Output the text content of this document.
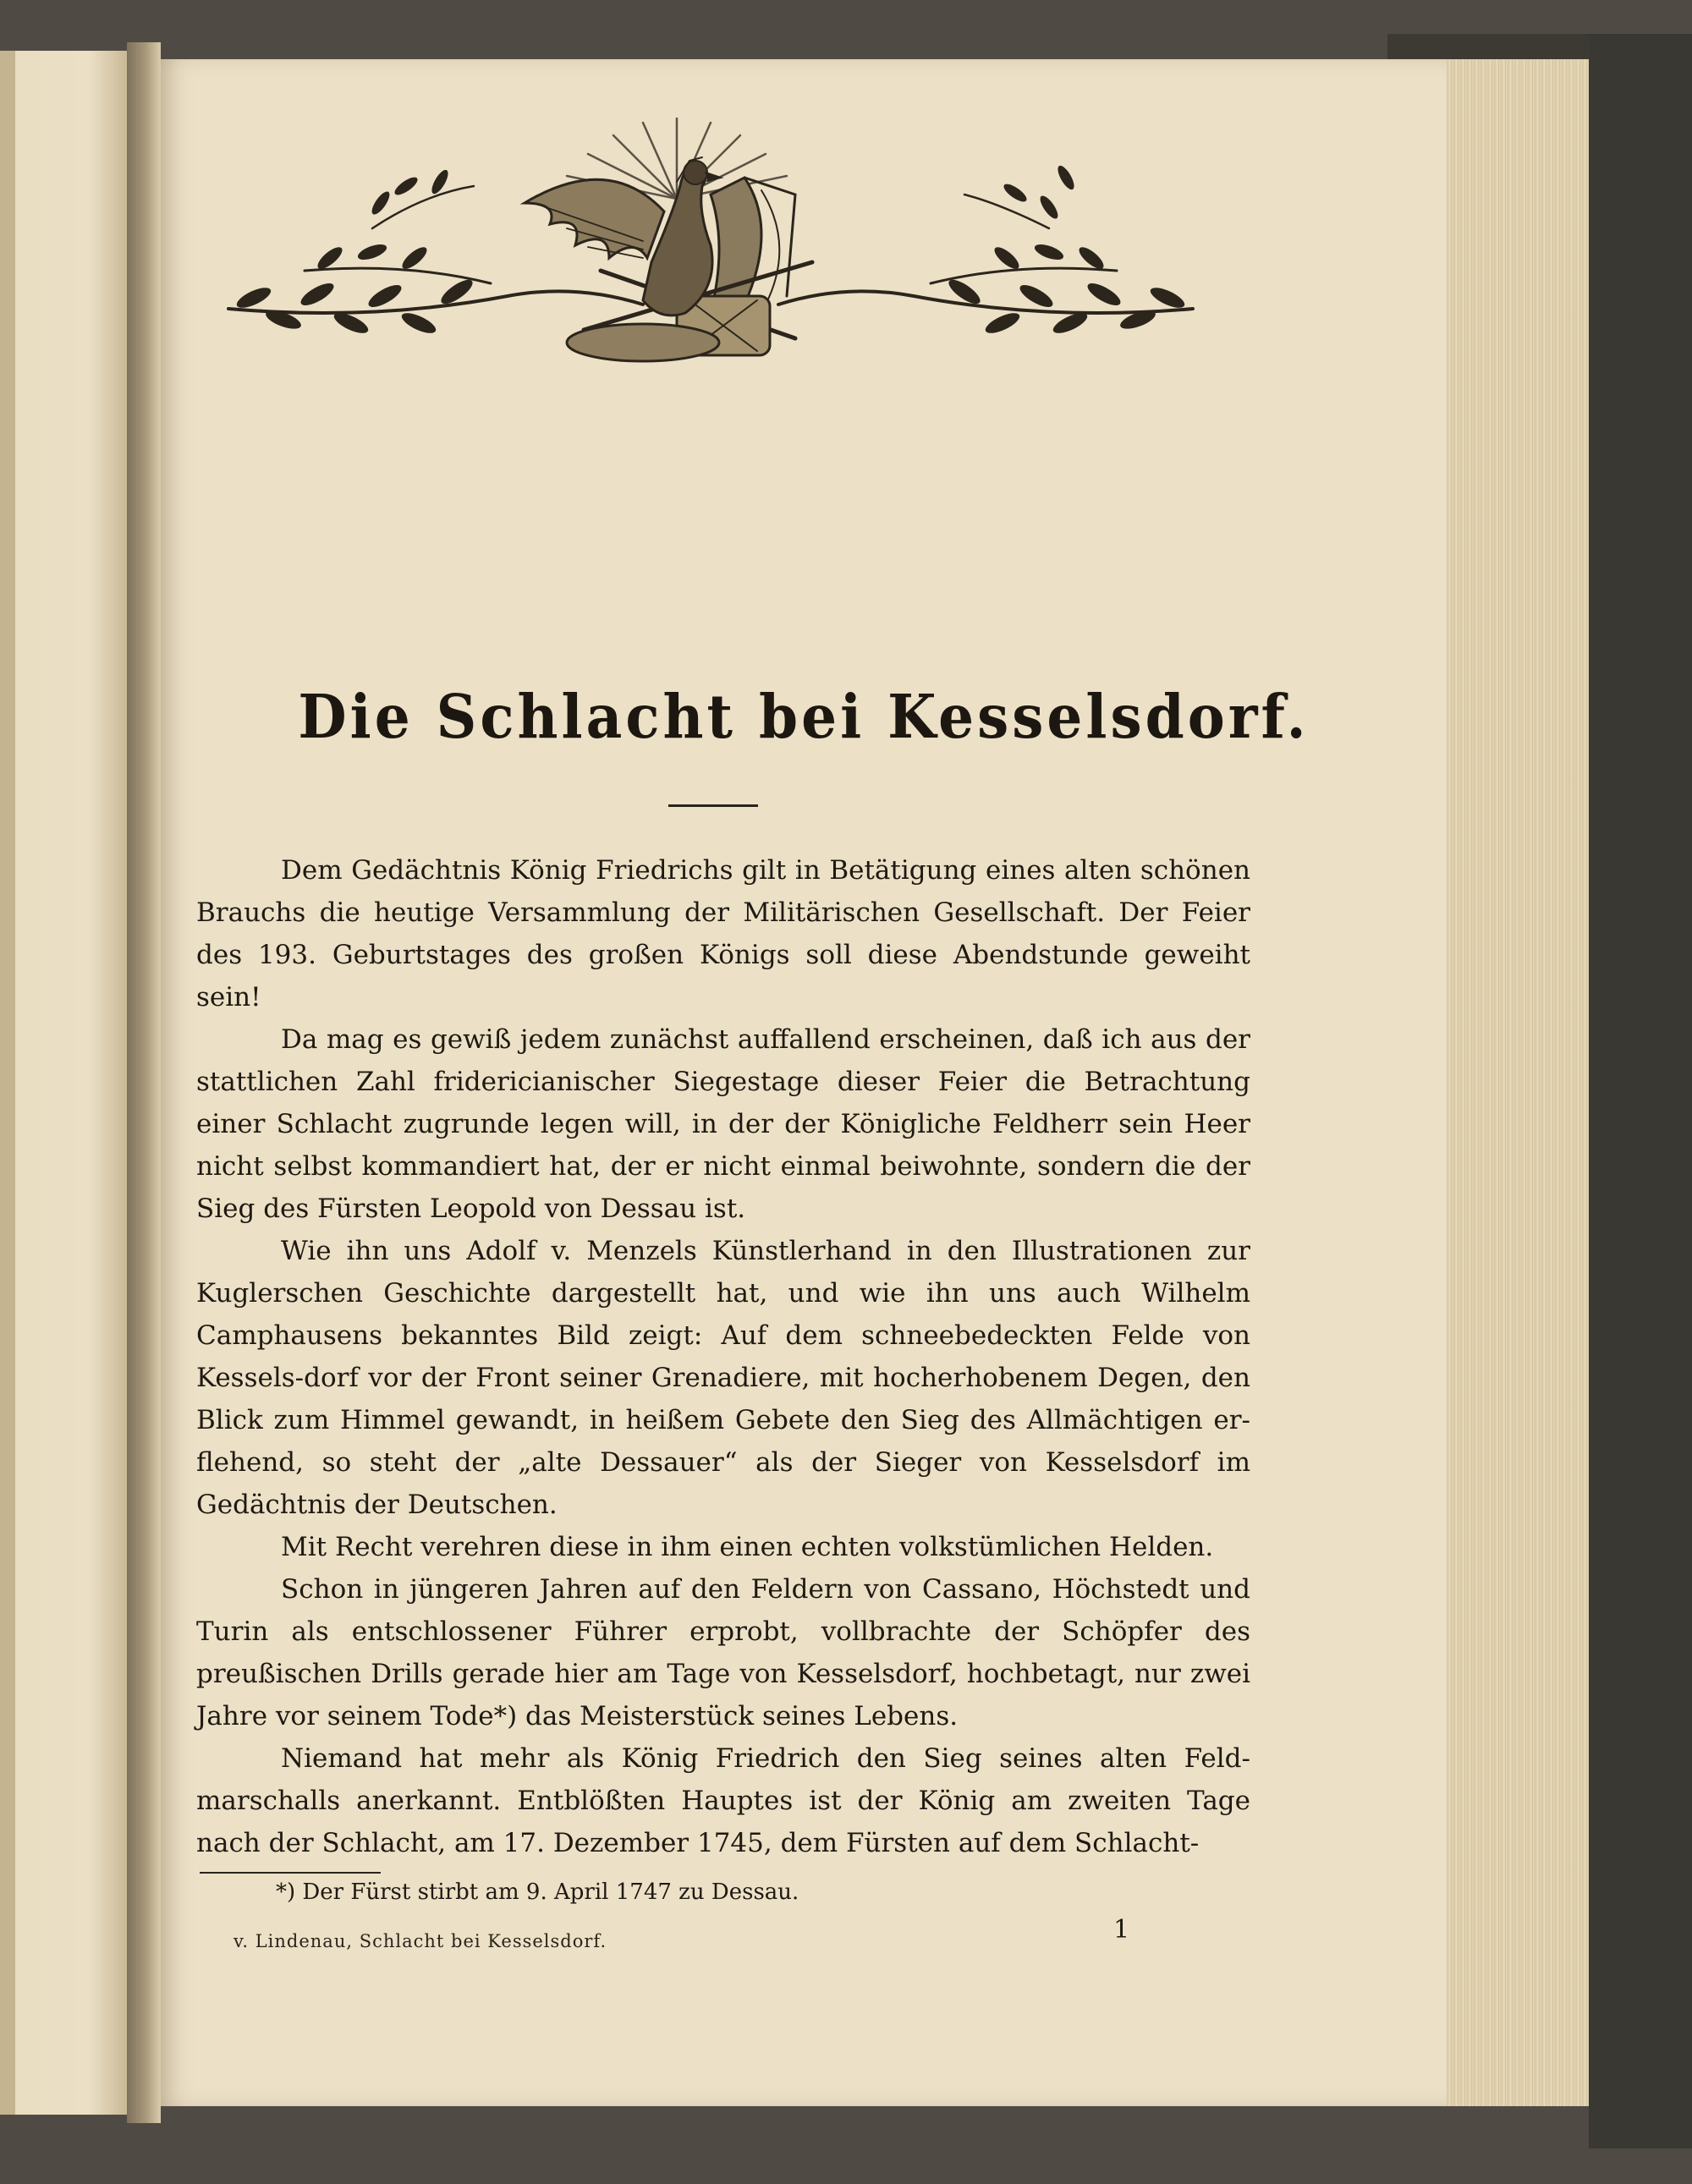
Die Schlacht bei Kesselsdorf.

Dem Gedächtnis König Friedrichs gilt in Betätigung eines alten schönen Brauchs die heutige Versammlung der Militärischen Gesellschaft. Der Feier des 193. Geburtstages des großen Königs soll diese Abendstunde geweiht sein!

Da mag es gewiß jedem zunächst auffallend erscheinen, daß ich aus der stattlichen Zahl fridericianischer Siegestage dieser Feier die Betrachtung einer Schlacht zugrunde legen will, in der der Königliche Feldherr sein Heer nicht selbst kommandiert hat, der er nicht einmal beiwohnte, sondern die der Sieg des Fürsten Leopold von Dessau ist.

Wie ihn uns Adolf v. Menzels Künstlerhand in den Illustrationen zur Kuglerschen Geschichte dargestellt hat, und wie ihn uns auch Wilhelm Camphausens bekanntes Bild zeigt: Auf dem schneebedeckten Felde von Kessels-dorf vor der Front seiner Grenadiere, mit hocherhobenem Degen, den Blick zum Himmel gewandt, in heißem Gebete den Sieg des Allmächtigen er-flehend, so steht der „alte Dessauer“ als der Sieger von Kesselsdorf im Gedächtnis der Deutschen.

Mit Recht verehren diese in ihm einen echten volkstümlichen Helden.

Schon in jüngeren Jahren auf den Feldern von Cassano, Höchstedt und Turin als entschlossener Führer erprobt, vollbrachte der Schöpfer des preußischen Drills gerade hier am Tage von Kesselsdorf, hochbetagt, nur zwei Jahre vor seinem Tode*) das Meisterstück seines Lebens.

Niemand hat mehr als König Friedrich den Sieg seines alten Feld-marschalls anerkannt. Entblößten Hauptes ist der König am zweiten Tage nach der Schlacht, am 17. Dezember 1745, dem Fürsten auf dem Schlacht-

*) Der Fürst stirbt am 9. April 1747 zu Dessau.
v. Lindenau, Schlacht bei Kesselsdorf.	1
